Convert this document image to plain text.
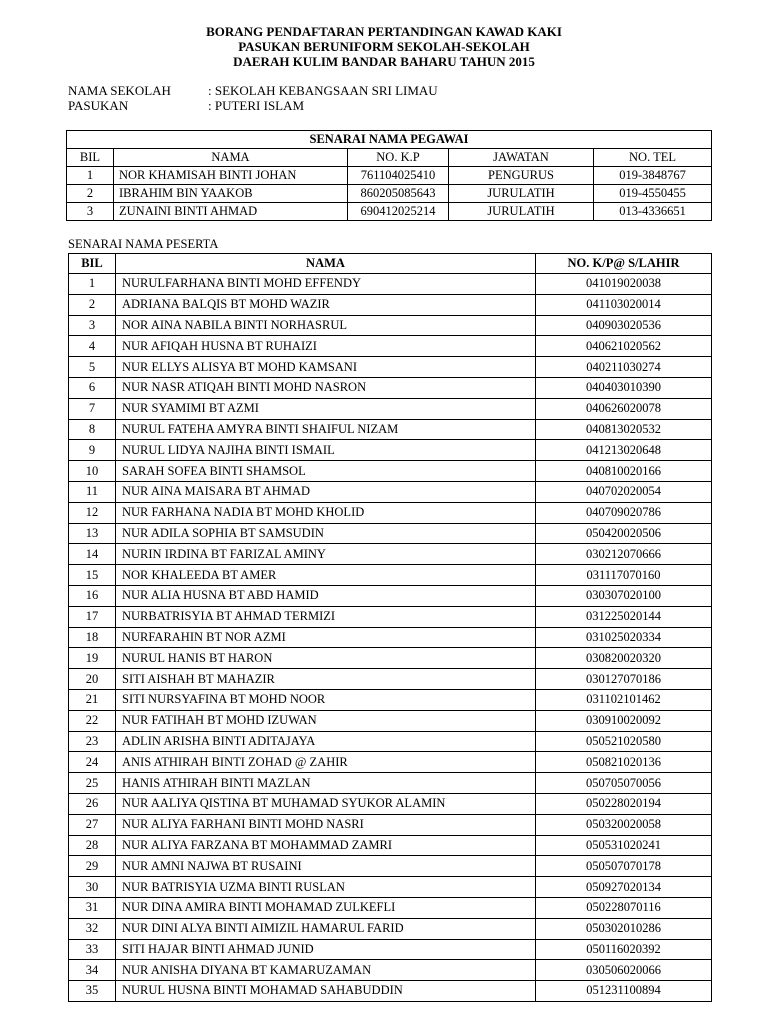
BORANG PENDAFTARAN PERTANDINGAN KAWAD KAKI
PASUKAN BERUNIFORM SEKOLAH-SEKOLAH
DAERAH KULIM BANDAR BAHARU TAHUN 2015
NAMA SEKOLAH	: SEKOLAH KEBANGSAAN SRI LIMAU
PASUKAN	: PUTERI ISLAM
SENARAI NAMA PEGAWAI				
BIL	NAMA	NO. K.P	JAWATAN	NO. TEL
1	NOR KHAMISAH BINTI JOHAN	761104025410	PENGURUS	019-3848767
2	IBRAHIM BIN YAAKOB	860205085643	JURULATIH	019-4550455
3	ZUNAINI BINTI AHMAD	690412025214	JURULATIH	013-4336651
SENARAI NAMA PESERTA
BIL	NAMA	NO. K/P@ S/LAHIR
1	NURULFARHANA BINTI MOHD EFFENDY	041019020038
2	ADRIANA BALQIS BT MOHD WAZIR	041103020014
3	NOR AINA NABILA BINTI NORHASRUL	040903020536
4	NUR AFIQAH HUSNA BT RUHAIZI	040621020562
5	NUR ELLYS ALISYA BT MOHD KAMSANI	040211030274
6	NUR NASR ATIQAH BINTI MOHD NASRON	040403010390
7	NUR SYAMIMI BT AZMI	040626020078
8	NURUL FATEHA AMYRA BINTI SHAIFUL NIZAM	040813020532
9	NURUL LIDYA NAJIHA BINTI ISMAIL	041213020648
10	SARAH SOFEA BINTI SHAMSOL	040810020166
11	NUR AINA MAISARA BT AHMAD	040702020054
12	NUR FARHANA NADIA BT MOHD KHOLID	040709020786
13	NUR ADILA SOPHIA BT SAMSUDIN	050420020506
14	NURIN IRDINA BT FARIZAL AMINY	030212070666
15	NOR KHALEEDA BT AMER	031117070160
16	NUR ALIA HUSNA BT ABD HAMID	030307020100
17	NURBATRISYIA BT AHMAD TERMIZI	031225020144
18	NURFARAHIN BT NOR AZMI	031025020334
19	NURUL HANIS BT HARON	030820020320
20	SITI AISHAH BT MAHAZIR	030127070186
21	SITI NURSYAFINA BT MOHD NOOR	031102101462
22	NUR FATIHAH BT MOHD IZUWAN	030910020092
23	ADLIN ARISHA BINTI ADITAJAYA	050521020580
24	ANIS ATHIRAH BINTI ZOHAD @ ZAHIR	050821020136
25	HANIS ATHIRAH BINTI MAZLAN	050705070056
26	NUR AALIYA QISTINA BT MUHAMAD SYUKOR ALAMIN	050228020194
27	NUR ALIYA FARHANI BINTI MOHD NASRI	050320020058
28	NUR ALIYA FARZANA BT MOHAMMAD ZAMRI	050531020241
29	NUR AMNI NAJWA BT RUSAINI	050507070178
30	NUR BATRISYIA UZMA BINTI RUSLAN	050927020134
31	NUR DINA AMIRA BINTI MOHAMAD ZULKEFLI	050228070116
32	NUR DINI ALYA BINTI AIMIZIL HAMARUL FARID	050302010286
33	SITI HAJAR BINTI AHMAD JUNID	050116020392
34	NUR ANISHA DIYANA BT KAMARUZAMAN	030506020066
35	NURUL HUSNA BINTI MOHAMAD SAHABUDDIN	051231100894
